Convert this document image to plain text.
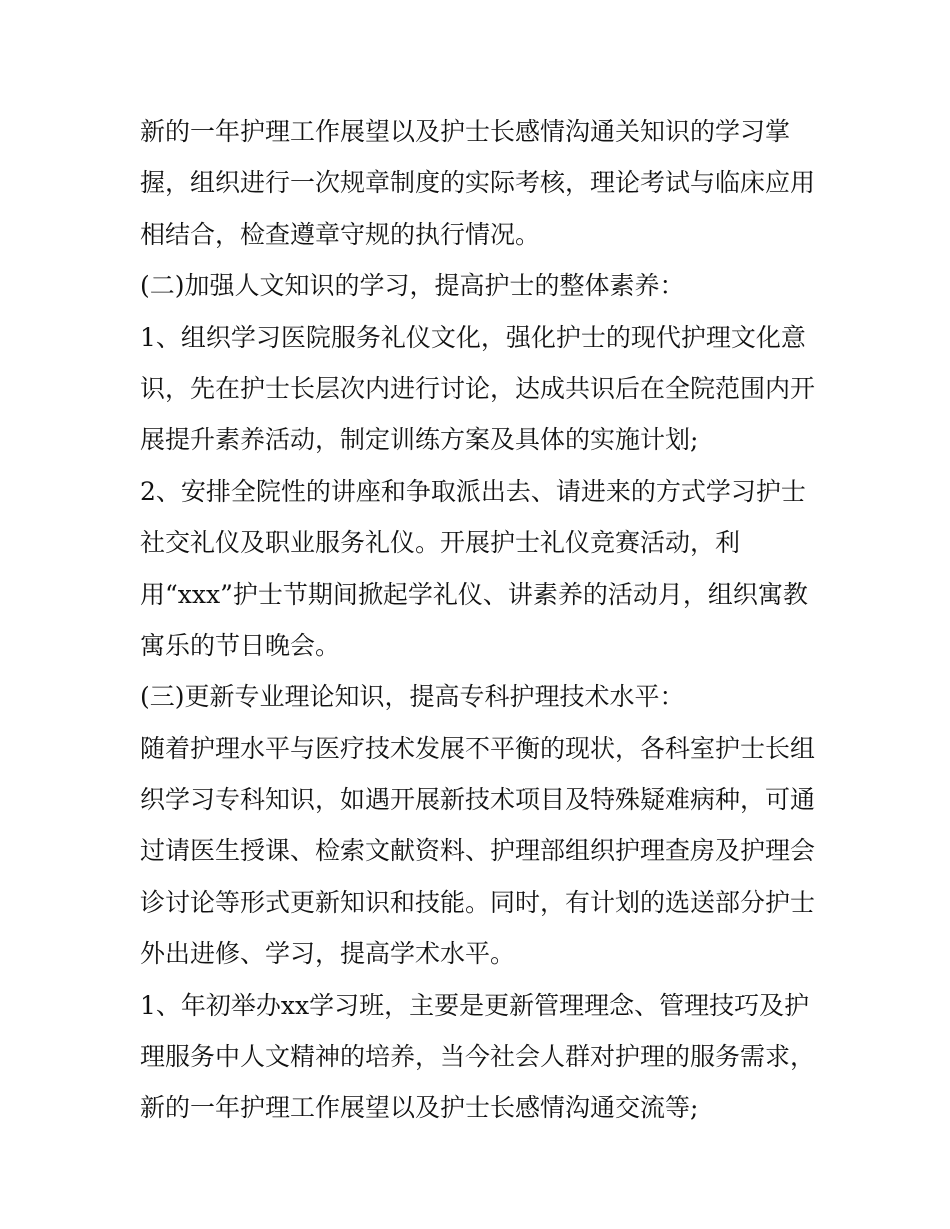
新的一年护理工作展望以及护士长感情沟通关知识的学习掌
握，组织进行一次规章制度的实际考核，理论考试与临床应用
相结合，检查遵章守规的执行情况。
(二)加强人文知识的学习，提高护士的整体素养：
1、组织学习医院服务礼仪文化，强化护士的现代护理文化意
识，先在护士长层次内进行讨论，达成共识后在全院范围内开
展提升素养活动，制定训练方案及具体的实施计划;
2、安排全院性的讲座和争取派出去、请进来的方式学习护士
社交礼仪及职业服务礼仪。开展护士礼仪竞赛活动，利
用“xxx”护士节期间掀起学礼仪、讲素养的活动月，组织寓教
寓乐的节日晚会。
(三)更新专业理论知识，提高专科护理技术水平：
随着护理水平与医疗技术发展不平衡的现状，各科室护士长组
织学习专科知识，如遇开展新技术项目及特殊疑难病种，可通
过请医生授课、检索文献资料、护理部组织护理查房及护理会
诊讨论等形式更新知识和技能。同时，有计划的选送部分护士
外出进修、学习，提高学术水平。
1、年初举办xx学习班，主要是更新管理理念、管理技巧及护
理服务中人文精神的培养，当今社会人群对护理的服务需求，
新的一年护理工作展望以及护士长感情沟通交流等;
